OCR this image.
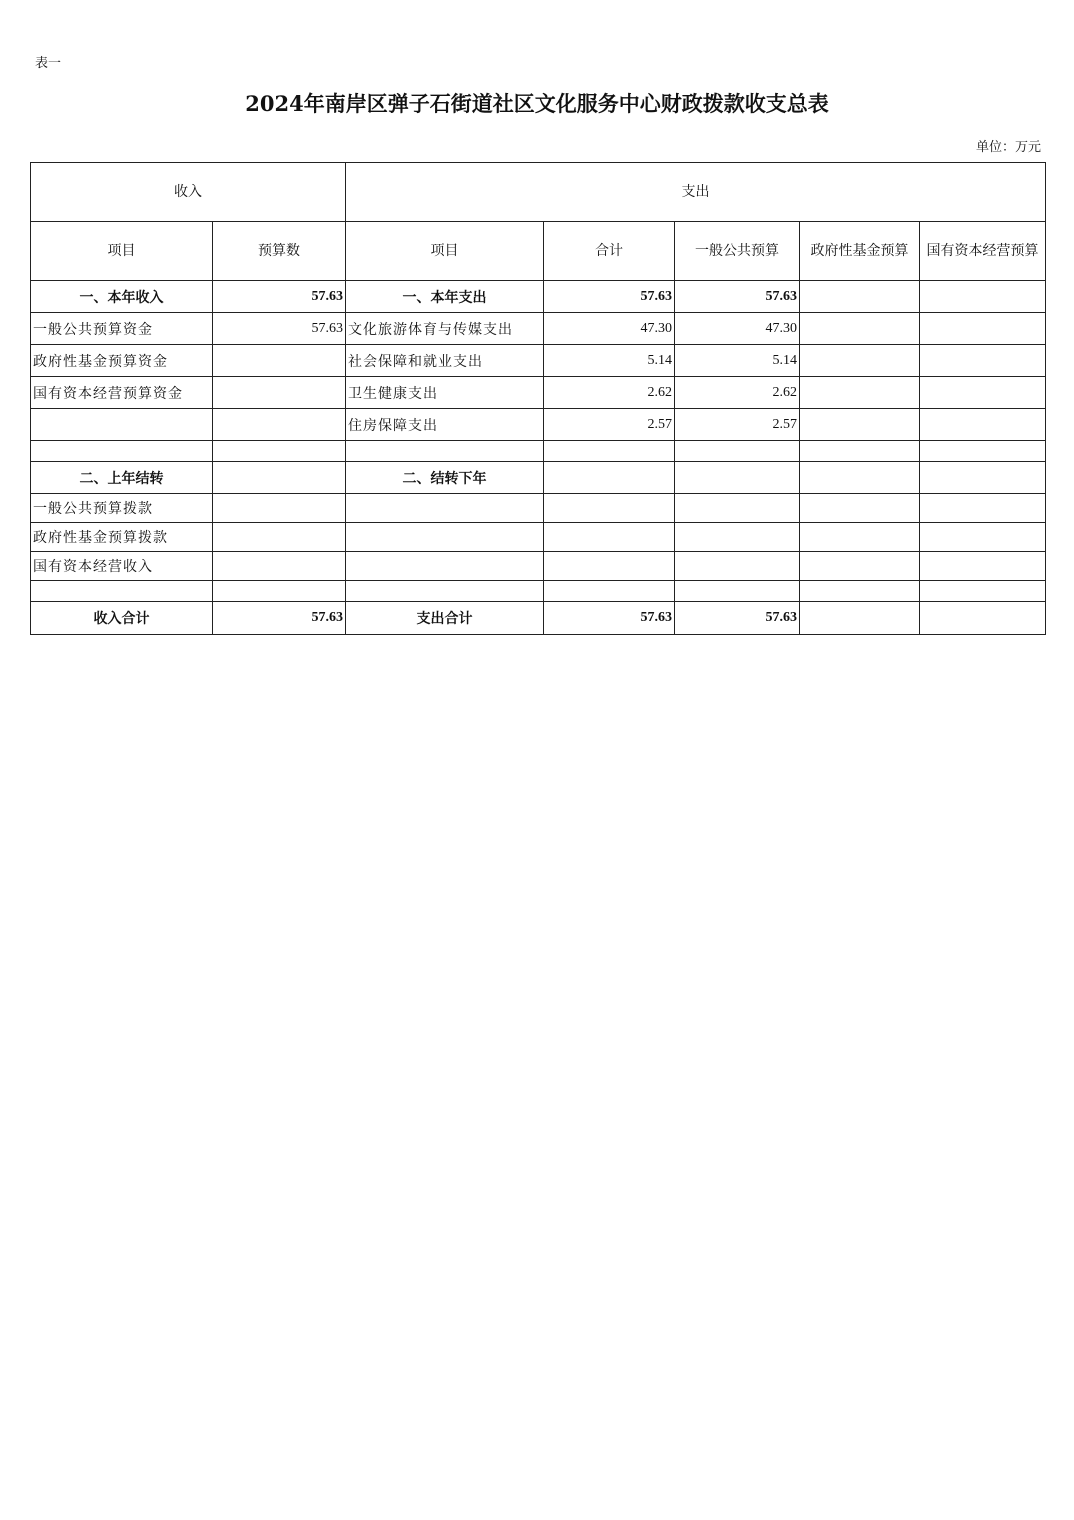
表一
2024年南岸区弹子石街道社区文化服务中心财政拨款收支总表
单位：万元
收入		支出				
项目	预算数	项目	合计	一般公共预算	政府性基金预算	国有资本经营预算
一、本年收入	57.63	一、本年支出	57.63	57.63		
一般公共预算资金	57.63	文化旅游体育与传媒支出	47.30	47.30		
政府性基金预算资金		社会保障和就业支出	5.14	5.14		
国有资本经营预算资金		卫生健康支出	2.62	2.62		
		住房保障支出	2.57	2.57		

二、上年结转		二、结转下年				
一般公共预算拨款						
政府性基金预算拨款						
国有资本经营收入						

收入合计	57.63	支出合计	57.63	57.63		
